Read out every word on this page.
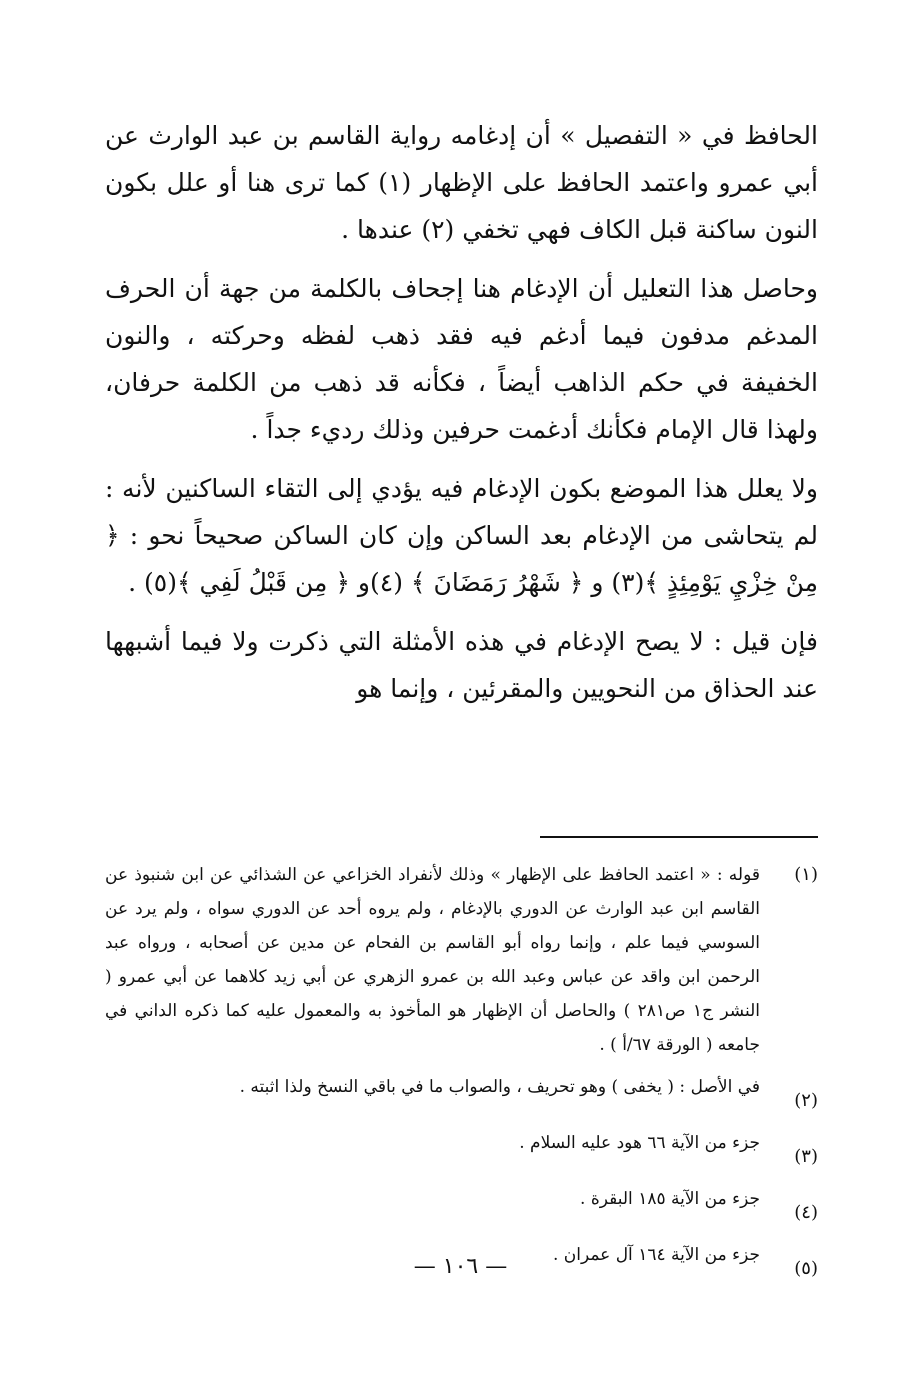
الحافظ في « التفصيل » أن إدغامه رواية القاسم بن عبد الوارث عن أبي عمرو واعتمد الحافظ على الإظهار (١) كما ترى هنا أو علل بكون النون ساكنة قبل الكاف فهي تخفي (٢) عندها .

وحاصل هذا التعليل أن الإدغام هنا إجحاف بالكلمة من جهة أن الحرف المدغم مدفون فيما أدغم فيه فقد ذهب لفظه وحركته ، والنون الخفيفة في حكم الذاهب أيضاً ، فكأنه قد ذهب من الكلمة حرفان، ولهذا قال الإمام فكأنك أدغمت حرفين وذلك رديء جداً .

ولا يعلل هذا الموضع بكون الإدغام فيه يؤدي إلى التقاء الساكنين لأنه : لم يتحاشى من الإدغام بعد الساكن وإن كان الساكن صحيحاً نحو : ﴿ مِنْ خِزْيِ يَوْمِئِذٍ ﴾(٣) و ﴿ شَهْرُ رَمَضَانَ ﴾ (٤)و ﴿ مِن قَبْلُ لَفِي ﴾(٥) .

فإن قيل : لا يصح الإدغام في هذه الأمثلة التي ذكرت ولا فيما أشبهها عند الحذاق من النحويين والمقرئين ، وإنما هو

(١)
قوله : « اعتمد الحافظ على الإظهار » وذلك لأنفراد الخزاعي عن الشذائي عن ابن شنبوذ عن القاسم ابن عبد الوارث عن الدوري بالإدغام ، ولم يروه أحد عن الدوري سواه ، ولم يرد عن السوسي فيما علم ، وإنما رواه أبو القاسم بن الفحام عن مدين عن أصحابه ، ورواه عبد الرحمن ابن واقد عن عباس وعبد الله بن عمرو الزهري عن أبي زيد كلاهما عن أبي عمرو ( النشر ج١ ص٢٨١ ) والحاصل أن الإظهار هو المأخوذ به والمعمول عليه كما ذكره الداني في جامعه ( الورقة ٦٧/أ ) .
(٢)
في الأصل : ( يخفى ) وهو تحريف ، والصواب ما في باقي النسخ ولذا اثبته .
(٣)
جزء من الآية ٦٦ هود عليه السلام .
(٤)
جزء من الآية ١٨٥ البقرة .
(٥)
جزء من الآية ١٦٤ آل عمران .
— ١٠٦ —
